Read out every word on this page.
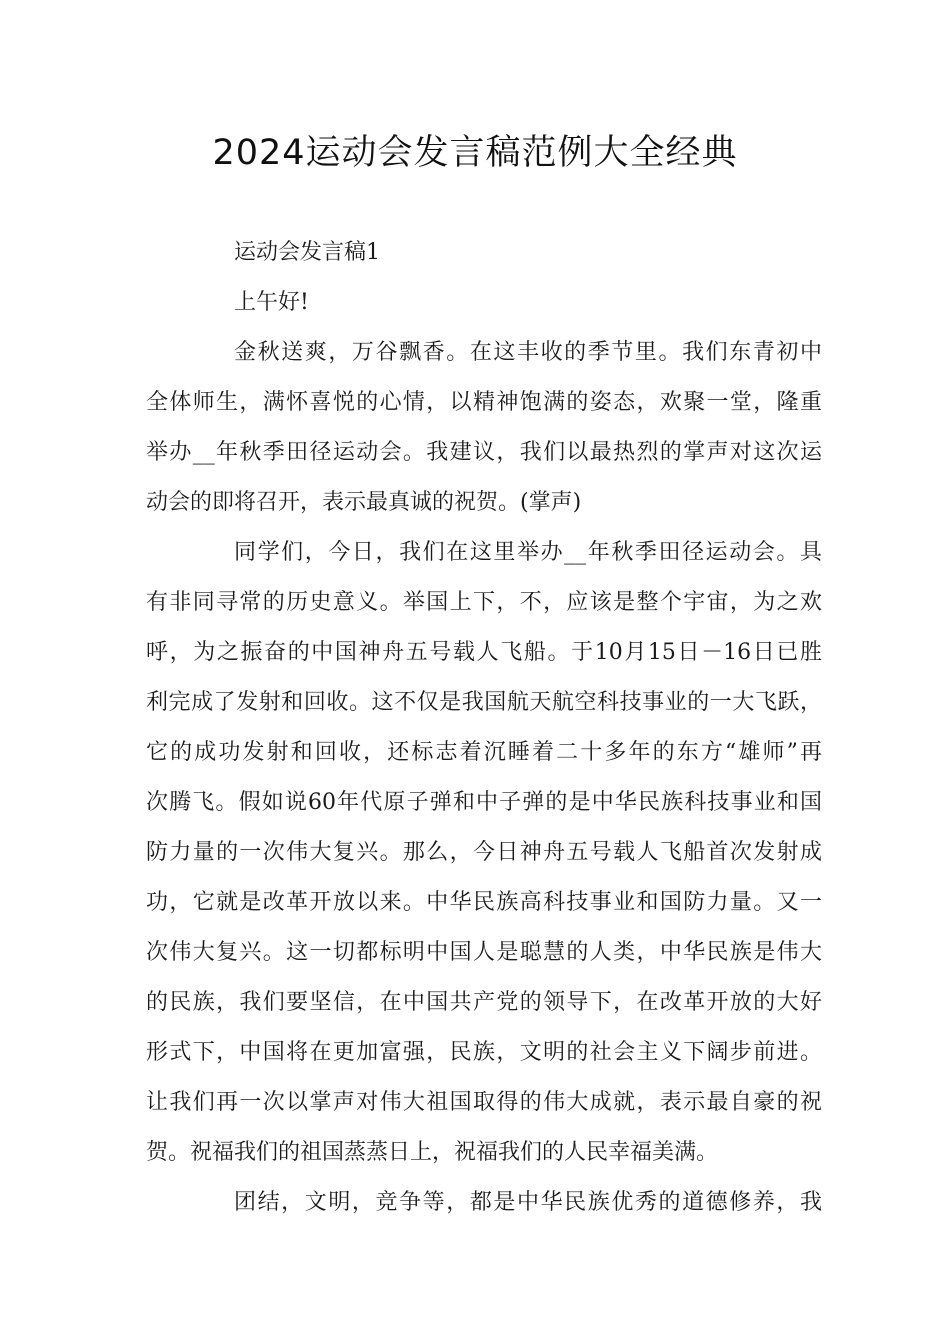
2024运动会发言稿范例大全经典
运动会发言稿1
上午好!
金秋送爽，万谷飘香。在这丰收的季节里。我们东青初中
全体师生，满怀喜悦的心情，以精神饱满的姿态，欢聚一堂，隆重
举办__年秋季田径运动会。我建议，我们以最热烈的掌声对这次运
动会的即将召开，表示最真诚的祝贺。(掌声)
同学们，今日，我们在这里举办__年秋季田径运动会。具
有非同寻常的历史意义。举国上下，不，应该是整个宇宙，为之欢
呼，为之振奋的中国神舟五号载人飞船。于10月15日－16日已胜
利完成了发射和回收。这不仅是我国航天航空科技事业的一大飞跃，
它的成功发射和回收，还标志着沉睡着二十多年的东方“雄师”再
次腾飞。假如说60年代原子弹和中子弹的是中华民族科技事业和国
防力量的一次伟大复兴。那么，今日神舟五号载人飞船首次发射成
功，它就是改革开放以来。中华民族高科技事业和国防力量。又一
次伟大复兴。这一切都标明中国人是聪慧的人类，中华民族是伟大
的民族，我们要坚信，在中国共产党的领导下，在改革开放的大好
形式下，中国将在更加富强，民族，文明的社会主义下阔步前进。
让我们再一次以掌声对伟大祖国取得的伟大成就，表示最自豪的祝
贺。祝福我们的祖国蒸蒸日上，祝福我们的人民幸福美满。
团结，文明，竞争等，都是中华民族优秀的道德修养，我
